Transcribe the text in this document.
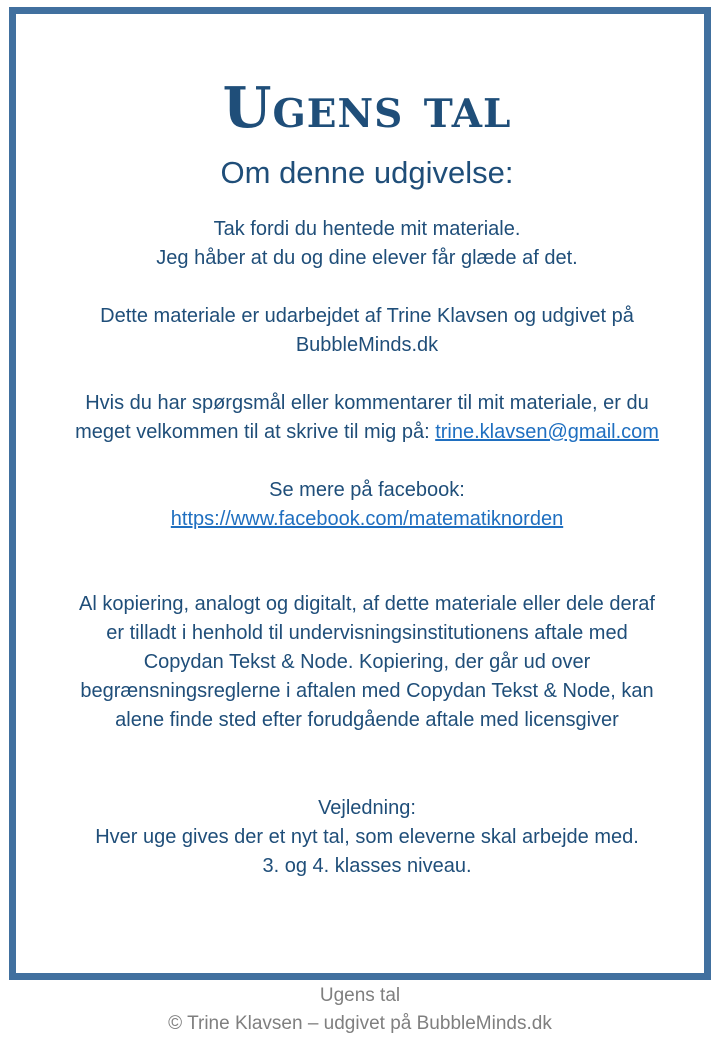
Ugens tal
Om denne udgivelse:
Tak fordi du hentede mit materiale.
Jeg håber at du og dine elever får glæde af det.
Dette materiale er udarbejdet af Trine Klavsen og udgivet på
BubbleMinds.dk
Hvis du har spørgsmål eller kommentarer til mit materiale, er du
meget velkommen til at skrive til mig på: trine.klavsen@gmail.com
Se mere på facebook:
https://www.facebook.com/matematiknorden
Al kopiering, analogt og digitalt, af dette materiale eller dele deraf
er tilladt i henhold til undervisningsinstitutionens aftale med
Copydan Tekst & Node. Kopiering, der går ud over
begrænsningsreglerne i aftalen med Copydan Tekst & Node, kan
alene finde sted efter forudgående aftale med licensgiver
Vejledning:
Hver uge gives der et nyt tal, som eleverne skal arbejde med.
3. og 4. klasses niveau.
Ugens tal
© Trine Klavsen – udgivet på BubbleMinds.dk
